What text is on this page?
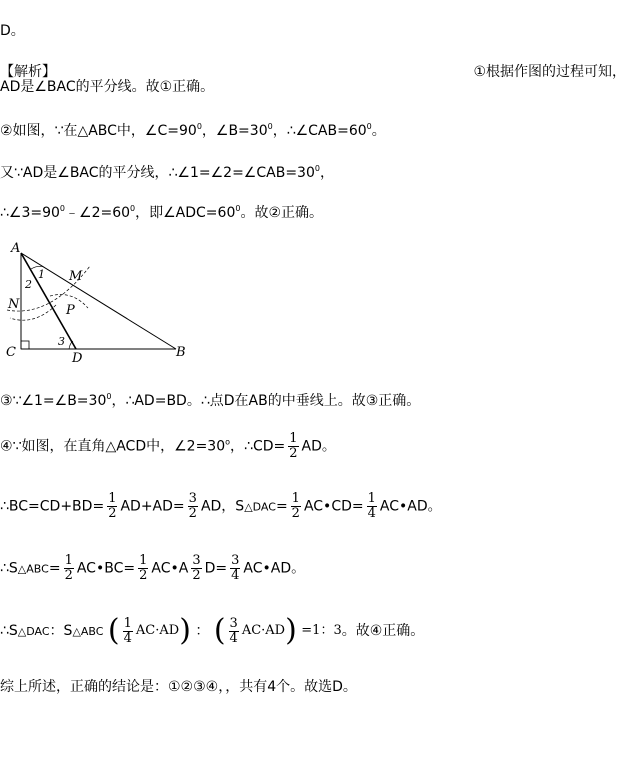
D。
【解析】	①根据作图的过程可知，
AD是∠BAC的平分线。故①正确。
②如图，∵在△ABC中，$\angle C=90^0$，$\angle B=30^0$，$\therefore\angle CAB=60^0$。
又∵AD是∠BAC的平分线，$\therefore\angle 1=\angle 2=\angle CAB=30^0$，
$\therefore\angle 3=90^0﹣\angle 2=60^0$，即$\angle ADC=60^0$。故②正确。
A
M
N	P
C	D	B
1
2
3
$③\because\angle 1=\angle B=30^0$，∴AD=BD。∴点D在AB的中垂线上。故③正确。
④∵如图，在直角△ACD中，$\angle 2=30^o$，∴CD= $\frac{1}{2}$ AD。
∴BC=CD+BD= $\frac{1}{2} AD+AD= \frac{3}{2}$ AD，S△DAC= $\frac{1}{2}$ AC•CD= $\frac{1}{4}$ AC•AD。
∴S△ABC= $\frac{1}{2}$ AC•BC= $\frac{1}{2}$ AC•A $\frac{3}{2} D= \frac{3}{4}$ AC•AD。
∴S△DAC：S△ABC ( $\frac{1}{4} AC\cdot AD$) ： ( $\frac{3}{4} AC\cdot AD) =1$：3。故④正确。
综上所述，正确的结论是：①②③④，，共有4个。故选D。
